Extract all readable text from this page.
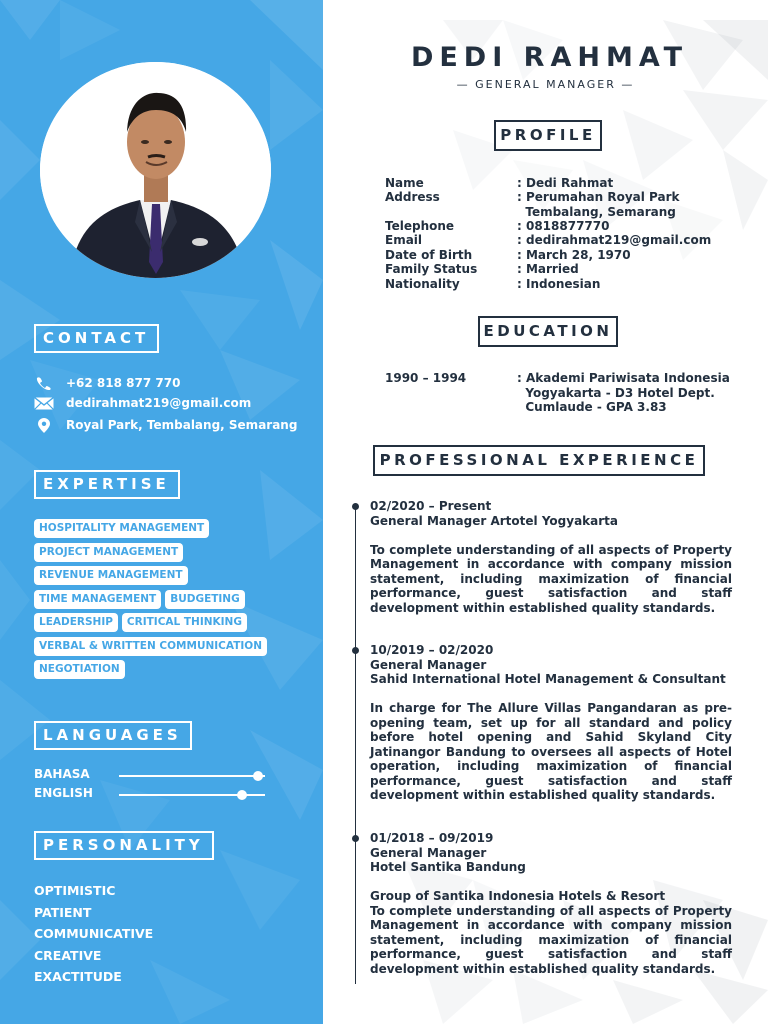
CONTACT
+62 818 877 770
dedirahmat219@gmail.com
Royal Park, Tembalang, Semarang
EXPERTISE
HOSPITALITY MANAGEMENT
PROJECT MANAGEMENT
REVENUE MANAGEMENT
TIME MANAGEMENT	BUDGETING
LEADERSHIP	CRITICAL THINKING
VERBAL & WRITTEN COMMUNICATION
NEGOTIATION
LANGUAGES
BAHASA
ENGLISH
PERSONALITY
OPTIMISTIC
PATIENT
COMMUNICATIVE
CREATIVE
EXACTITUDE
DEDI RAHMAT
— GENERAL MANAGER —
PROFILE
Name	: Dedi Rahmat
Address	: Perumahan Royal Park
Tembalang, Semarang
Telephone	: 0818877770
Email	: dedirahmat219@gmail.com
Date of Birth	: March 28, 1970
Family Status	: Married
Nationality	: Indonesian
EDUCATION
1990 – 1994	: Akademi Pariwisata Indonesia
Yogyakarta - D3 Hotel Dept.
Cumlaude - GPA 3.83
PROFESSIONAL EXPERIENCE
02/2020 – Present
General Manager Artotel Yogyakarta
To complete understanding of all aspects of Property Management in accordance with company mission statement, including maximization of financial performance, guest satisfaction and staff development within established quality standards.
10/2019 – 02/2020
General Manager
Sahid International Hotel Management & Consultant
In charge for The Allure Villas Pangandaran as pre-opening team, set up for all standard and policy before hotel opening and Sahid Skyland City Jatinangor Bandung to oversees all aspects of Hotel operation, including maximization of financial performance, guest satisfaction and staff development within established quality standards.
01/2018 – 09/2019
General Manager
Hotel Santika Bandung
Group of Santika Indonesia Hotels & Resort
To complete understanding of all aspects of Property Management in accordance with company mission statement, including maximization of financial performance, guest satisfaction and staff development within established quality standards.
